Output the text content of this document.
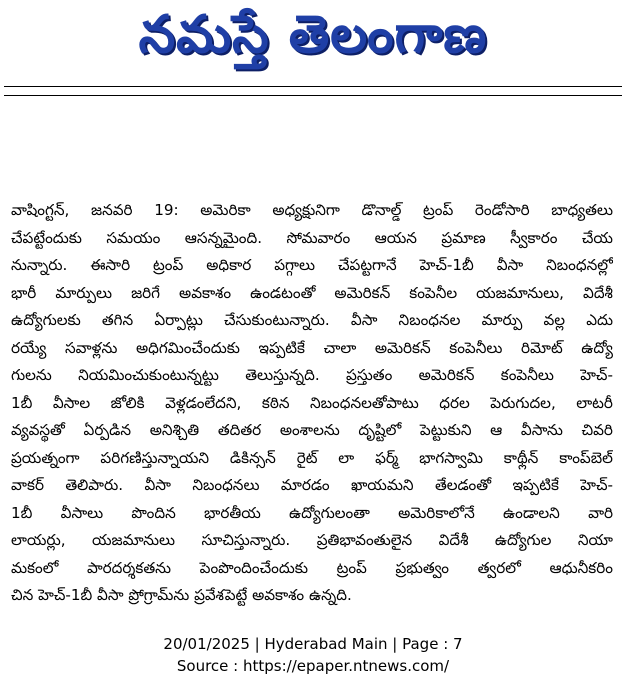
నమస్తే తెలంగాణ
వాషింగ్టన్, జనవరి 19: అమెరికా అధ్యక్షునిగా డొనాల్డ్ ట్రంప్ రెండోసారి బాధ్యతలు
చేపట్టేందుకు సమయం ఆసన్నమైంది. సోమవారం ఆయన ప్రమాణ స్వీకారం చేయ
నున్నారు. ఈసారి ట్రంప్ అధికార పగ్గాలు చేపట్టగానే హెచ్-1బీ వీసా నిబంధనల్లో
భారీ మార్పులు జరిగే అవకాశం ఉండటంతో అమెరికన్ కంపెనీల యజమానులు, విదేశీ
ఉద్యోగులకు తగిన ఏర్పాట్లు చేసుకుంటున్నారు. వీసా నిబంధనల మార్పు వల్ల ఎదు
రయ్యే సవాళ్లను అధిగమించేందుకు ఇప్పటికే చాలా అమెరికన్ కంపెనీలు రిమోట్ ఉద్యో
గులను నియమించుకుంటున్నట్టు తెలుస్తున్నది. ప్రస్తుతం అమెరికన్ కంపెనీలు హెచ్-
1బీ వీసాల జోలికి వెళ్లడంలేదని, కఠిన నిబంధనలతోపాటు ధరల పెరుగుదల, లాటరీ
వ్యవస్థతో ఏర్పడిన అనిశ్చితి తదితర అంశాలను దృష్టిలో పెట్టుకుని ఆ వీసాను చివరి
ప్రయత్నంగా పరిగణిస్తున్నాయని డికిన్సన్ రైట్ లా ఫర్మ్ భాగస్వామి కాథ్లీన్ కాంప్‌బెల్
వాకర్ తెలిపారు. వీసా నిబంధనలు మారడం ఖాయమని తేలడంతో ఇప్పటికే హెచ్-
1బీ వీసాలు పొందిన భారతీయ ఉద్యోగులంతా అమెరికాలోనే ఉండాలని వారి
లాయర్లు, యజమానులు సూచిస్తున్నారు. ప్రతిభావంతులైన విదేశీ ఉద్యోగుల నియా
మకంలో పారదర్శకతను పెంపొందించేందుకు ట్రంప్ ప్రభుత్వం త్వరలో ఆధునీకరిం
చిన హెచ్-1బీ వీసా ప్రోగ్రామ్‌ను ప్రవేశపెట్టే అవకాశం ఉన్నది.
20/01/2025 | Hyderabad Main | Page : 7
Source : https://epaper.ntnews.com/
